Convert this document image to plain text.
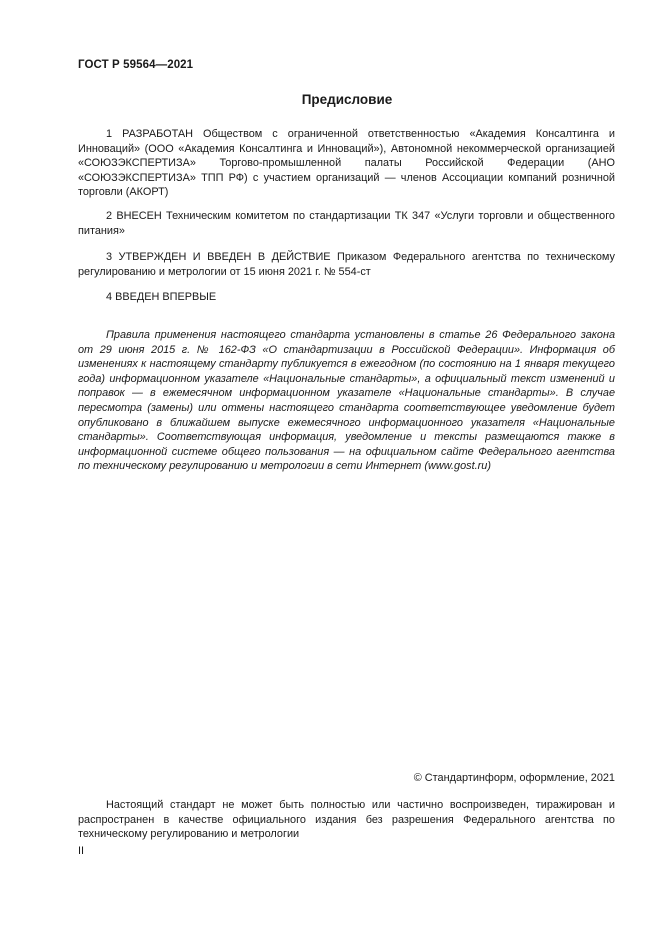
ГОСТ Р 59564—2021
Предисловие

1 РАЗРАБОТАН Обществом с ограниченной ответственностью «Академия Консалтинга и Инноваций» (ООО «Академия Консалтинга и Инноваций»), Автономной некоммерческой организацией «СОЮЗЭКСПЕРТИЗА» Торгово-промышленной палаты Российской Федерации (АНО «СОЮЗЭКСПЕРТИЗА» ТПП РФ) с участием организаций — членов Ассоциации компаний розничной торговли (АКОРТ)

2 ВНЕСЕН Техническим комитетом по стандартизации ТК 347 «Услуги торговли и общественного питания»

3 УТВЕРЖДЕН И ВВЕДЕН В ДЕЙСТВИЕ Приказом Федерального агентства по техническому регулированию и метрологии от 15 июня 2021 г. № 554-ст

4 ВВЕДЕН ВПЕРВЫЕ

Правила применения настоящего стандарта установлены в статье 26 Федерального закона от 29 июня 2015 г. № 162-ФЗ «О стандартизации в Российской Федерации». Информация об изменениях к настоящему стандарту публикуется в ежегодном (по состоянию на 1 января текущего года) информационном указателе «Национальные стандарты», а официальный текст изменений и поправок — в ежемесячном информационном указателе «Национальные стандарты». В случае пересмотра (замены) или отмены настоящего стандарта соответствующее уведомление будет опубликовано в ближайшем выпуске ежемесячного информационного указателя «Национальные стандарты». Соответствующая информация, уведомление и тексты размещаются также в информационной системе общего пользования — на официальном сайте Федерального агентства по техническому регулированию и метрологии в сети Интернет (www.gost.ru)

© Стандартинформ, оформление, 2021

Настоящий стандарт не может быть полностью или частично воспроизведен, тиражирован и распространен в качестве официального издания без разрешения Федерального агентства по техническому регулированию и метрологии

II
